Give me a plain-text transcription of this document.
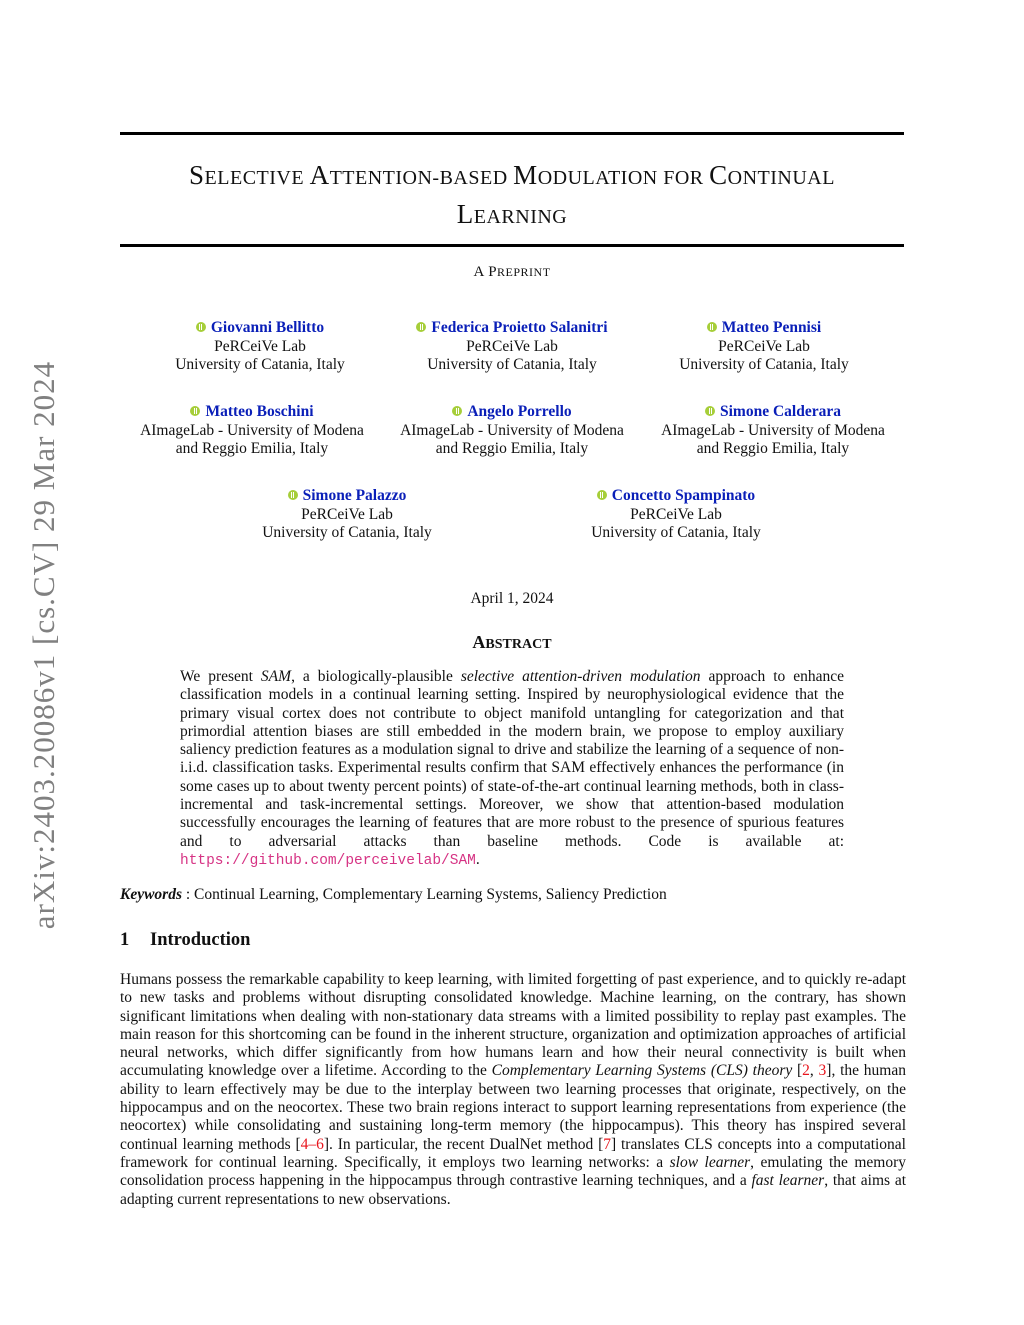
arXiv:2403.20086v1 [cs.CV] 29 Mar 2024
SELECTIVE ATTENTION-BASED MODULATION FOR CONTINUAL
LEARNING
A PREPRINT
Giovanni Bellitto
PeRCeiVe Lab
University of Catania, Italy
Federica Proietto Salanitri
PeRCeiVe Lab
University of Catania, Italy
Matteo Pennisi
PeRCeiVe Lab
University of Catania, Italy
Matteo Boschini
AImageLab - University of Modena
and Reggio Emilia, Italy
Angelo Porrello
AImageLab - University of Modena
and Reggio Emilia, Italy
Simone Calderara
AImageLab - University of Modena
and Reggio Emilia, Italy
Simone Palazzo
PeRCeiVe Lab
University of Catania, Italy
Concetto Spampinato
PeRCeiVe Lab
University of Catania, Italy
April 1, 2024
ABSTRACT
We present SAM, a biologically-plausible selective attention-driven modulation approach to enhance classification models in a continual learning setting. Inspired by neurophysiological evidence that the primary visual cortex does not contribute to object manifold untangling for categorization and that primordial attention biases are still embedded in the modern brain, we propose to employ auxiliary saliency prediction features as a modulation signal to drive and stabilize the learning of a sequence of non-i.i.d. classification tasks. Experimental results confirm that SAM effectively enhances the performance (in some cases up to about twenty percent points) of state-of-the-art continual learning methods, both in class-incremental and task-incremental settings. Moreover, we show that attention-based modulation successfully encourages the learning of features that are more robust to the presence of spurious features and to adversarial attacks than baseline methods. Code is available at: https://github.com/perceivelab/SAM.
Keywords : Continual Learning, Complementary Learning Systems, Saliency Prediction
1 Introduction
Humans possess the remarkable capability to keep learning, with limited forgetting of past experience, and to quickly re-adapt to new tasks and problems without disrupting consolidated knowledge. Machine learning, on the contrary, has shown significant limitations when dealing with non-stationary data streams with a limited possibility to replay past examples. The main reason for this shortcoming can be found in the inherent structure, organization and optimization approaches of artificial neural networks, which differ significantly from how humans learn and how their neural connectivity is built when accumulating knowledge over a lifetime. According to the Complementary Learning Systems (CLS) theory [2, 3], the human ability to learn effectively may be due to the interplay between two learning processes that originate, respectively, on the hippocampus and on the neocortex. These two brain regions interact to support learning representations from experience (the neocortex) while consolidating and sustaining long-term memory (the hippocampus). This theory has inspired several continual learning methods [4–6]. In particular, the recent DualNet method [7] translates CLS concepts into a computational framework for continual learning. Specifically, it employs two learning networks: a slow learner, emulating the memory consolidation process happening in the hippocampus through contrastive learning techniques, and a fast learner, that aims at adapting current representations to new observations.
